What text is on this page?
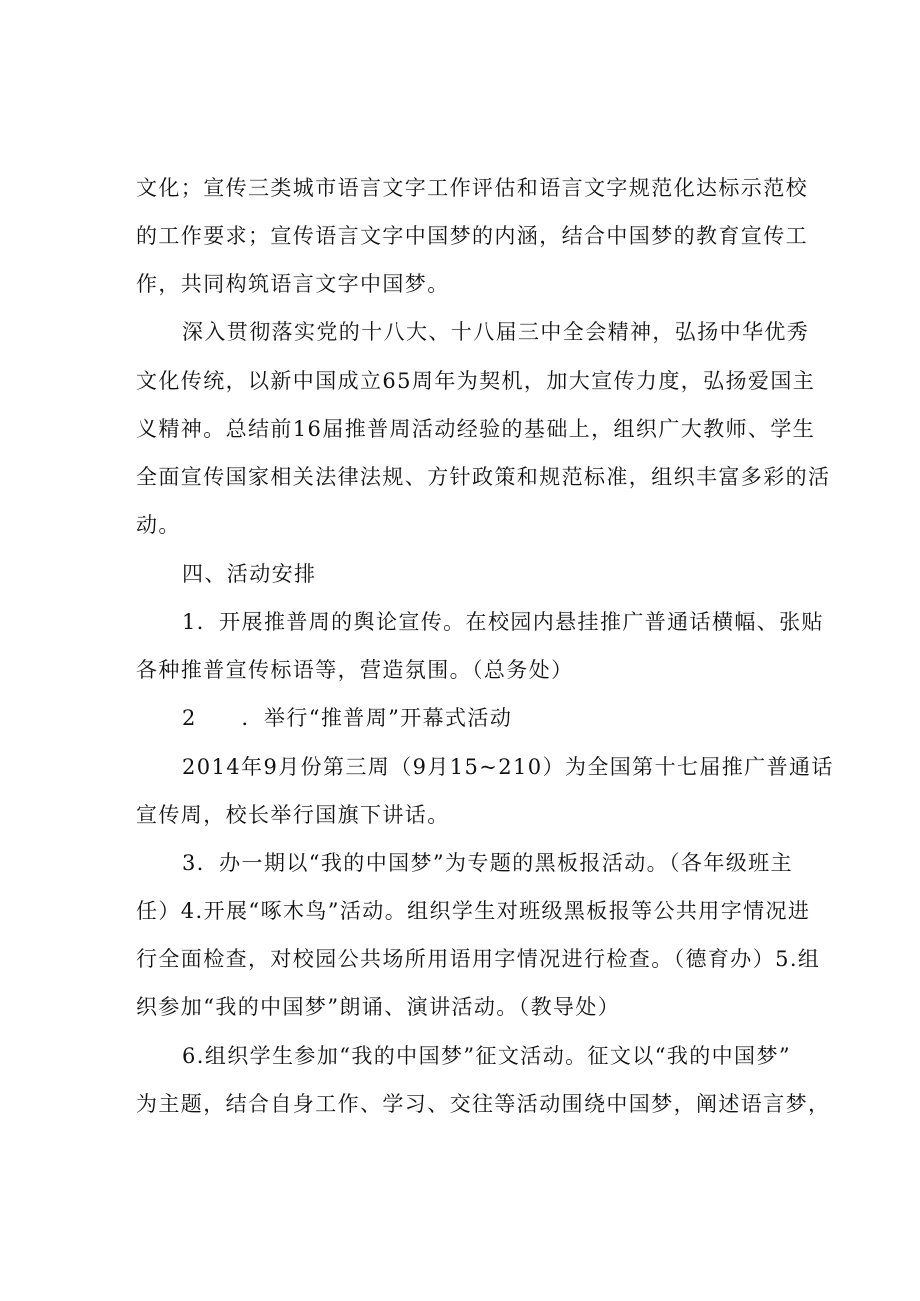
文化；宣传三类城市语言文字工作评估和语言文字规范化达标示范校
的工作要求；宣传语言文字中国梦的内涵，结合中国梦的教育宣传工
作，共同构筑语言文字中国梦。
深入贯彻落实党的十八大、十八届三中全会精神，弘扬中华优秀
文化传统，以新中国成立65周年为契机，加大宣传力度，弘扬爱国主
义精神。总结前16届推普周活动经验的基础上，组织广大教师、学生
全面宣传国家相关法律法规、方针政策和规范标准，组织丰富多彩的活
动。
四、活动安排
1．开展推普周的舆论宣传。在校园内悬挂推广普通话横幅、张贴
各种推普宣传标语等，营造氛围。（总务处）
2　　．举行“推普周”开幕式活动
2014年9月份第三周（9月15~210）为全国第十七届推广普通话
宣传周，校长举行国旗下讲话。
3．办一期以“我的中国梦”为专题的黑板报活动。（各年级班主
任）4.开展“啄木鸟”活动。组织学生对班级黑板报等公共用字情况进
行全面检查，对校园公共场所用语用字情况进行检查。（德育办）5.组
织参加“我的中国梦”朗诵、演讲活动。（教导处）
6.组织学生参加“我的中国梦”征文活动。征文以“我的中国梦”
为主题，结合自身工作、学习、交往等活动围绕中国梦，阐述语言梦，
